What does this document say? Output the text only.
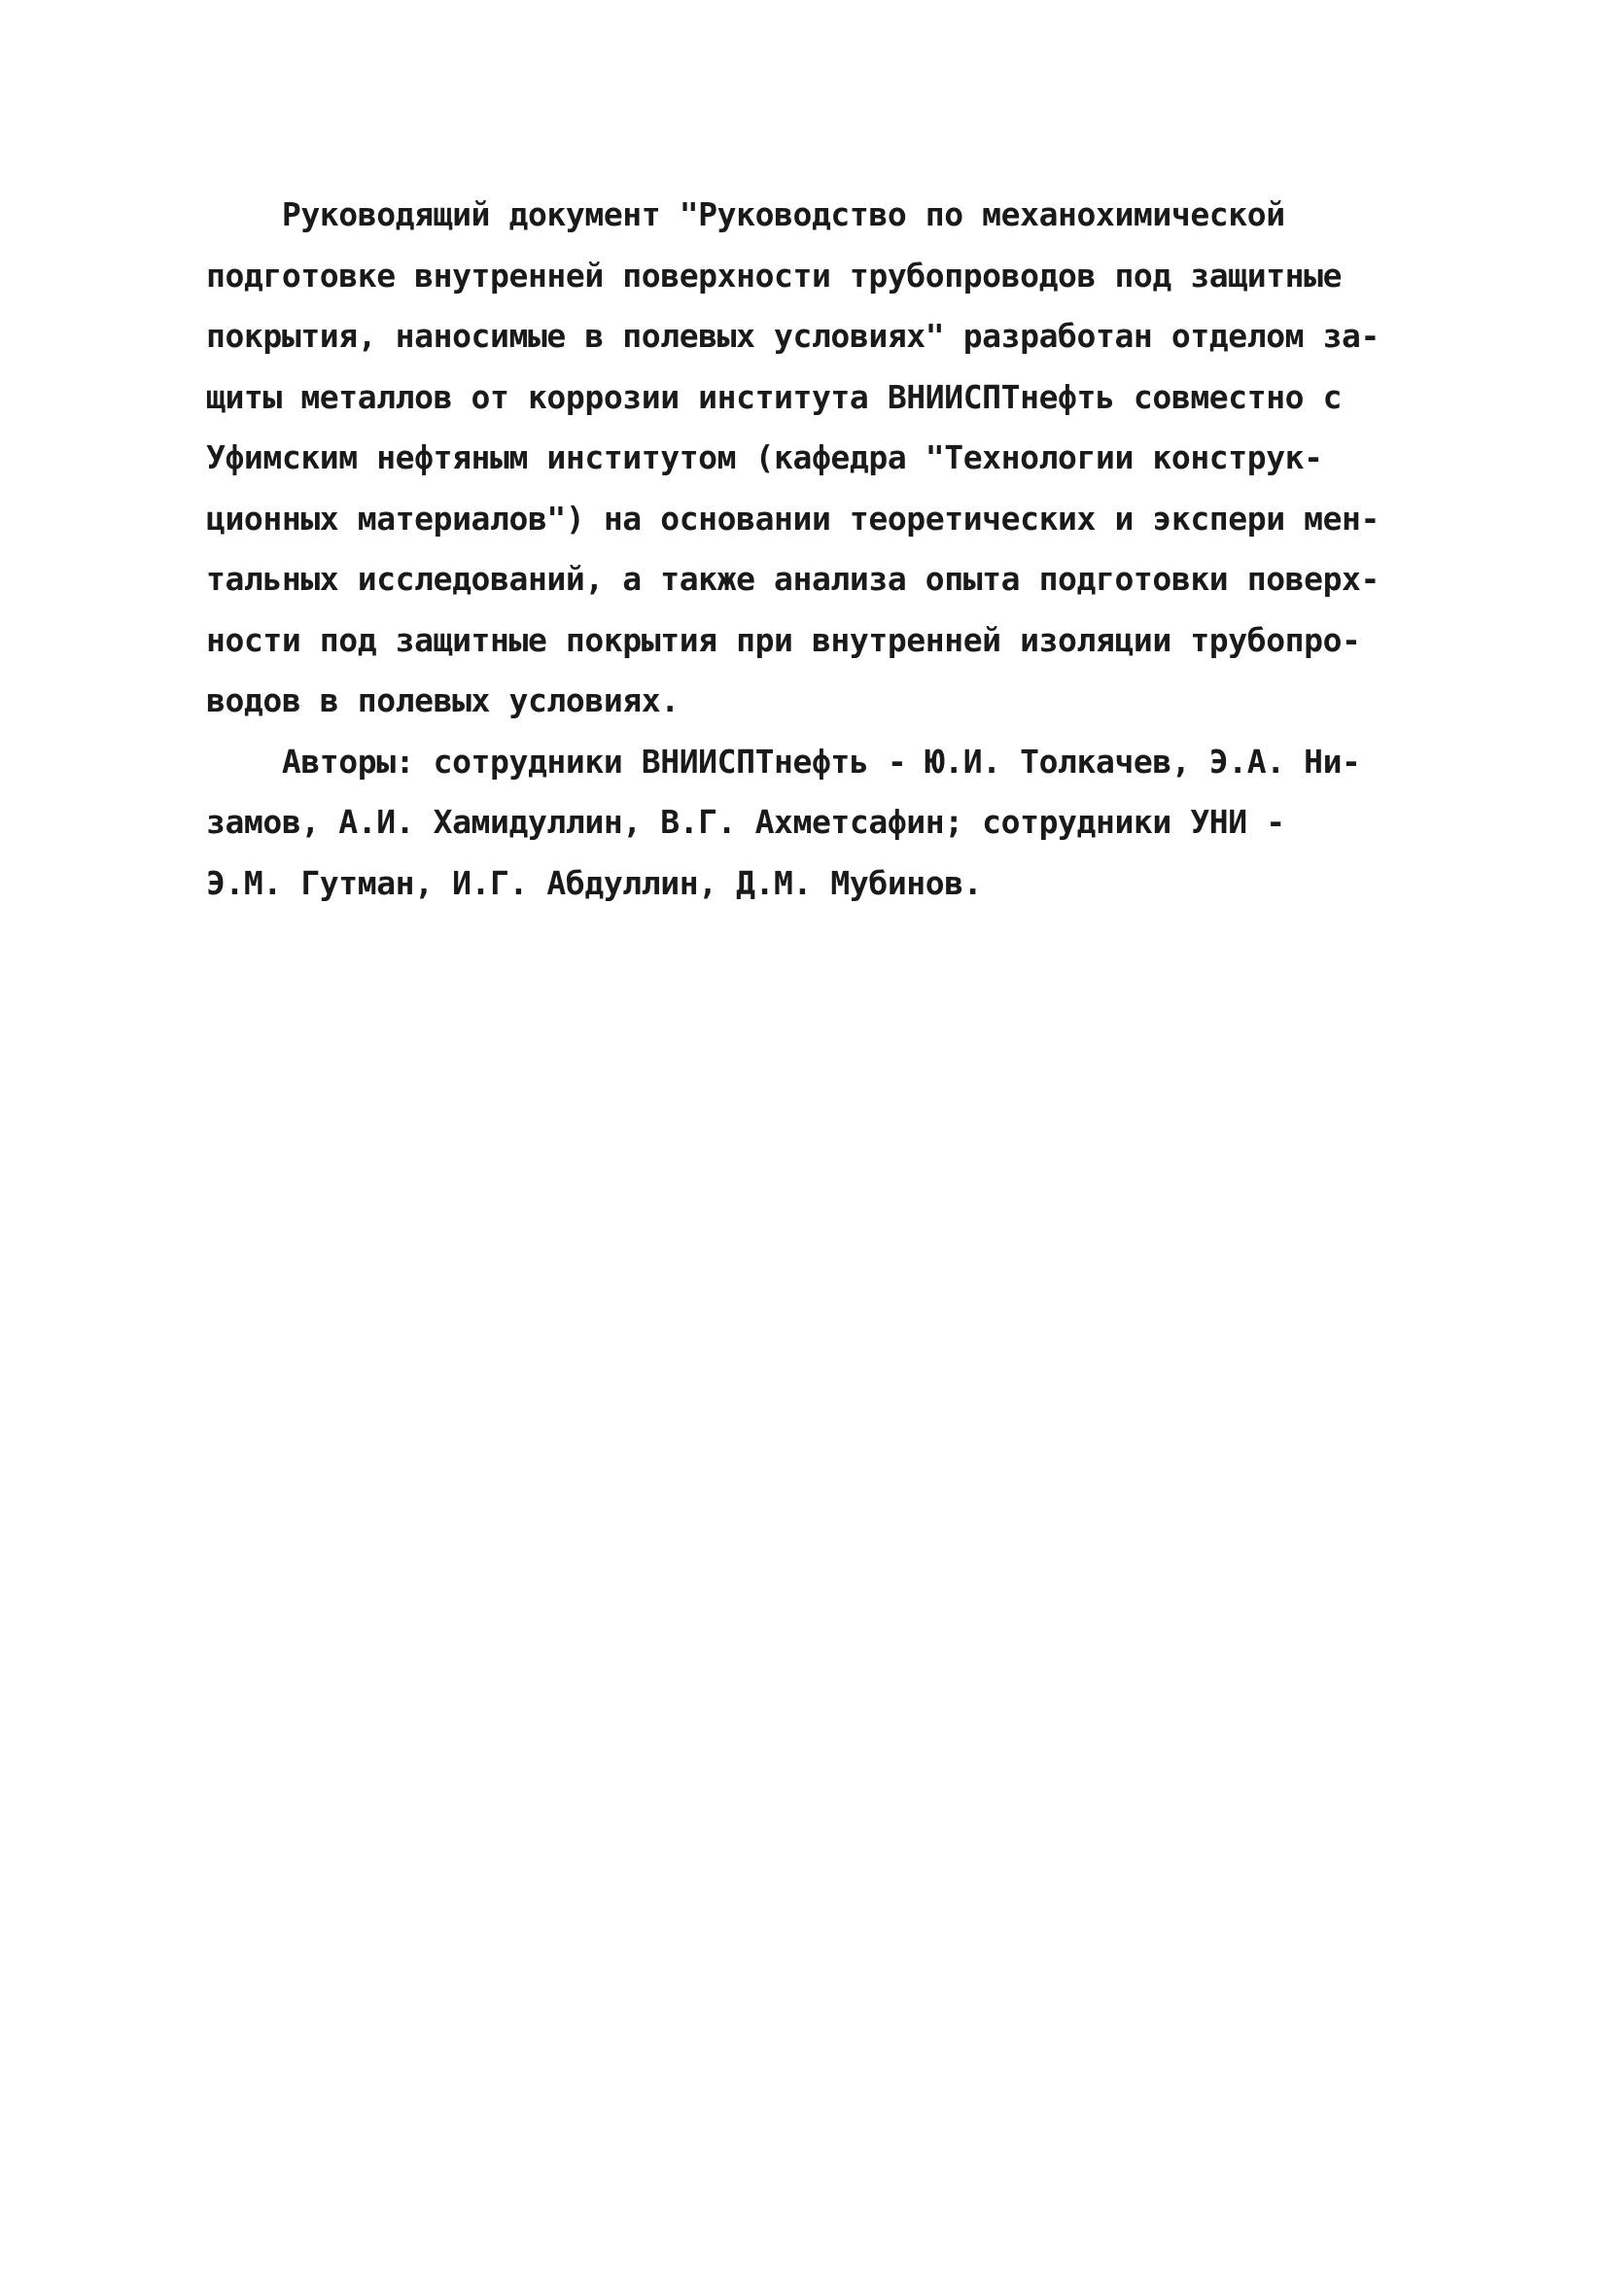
Руководящий документ "Руководство по механохимической
подготовке внутренней поверхности трубопроводов под защитные
покрытия, наносимые в полевых условиях" разработан отделом за-
щиты металлов от коррозии института ВНИИСПТнефть совместно с
Уфимским нефтяным институтом (кафедра "Технологии конструк-
ционных материалов") на основании теоретических и экспери мен-
тальных исследований, а также анализа опыта подготовки поверх-
ности под защитные покрытия при внутренней изоляции трубопро-
водов в полевых условиях.
Авторы: сотрудники ВНИИСПТнефть - Ю.И. Толкачев, Э.А. Ни-
замов, А.И. Хамидуллин, В.Г. Ахметсафин; сотрудники УНИ -
Э.М. Гутман, И.Г. Абдуллин, Д.М. Мубинов.
